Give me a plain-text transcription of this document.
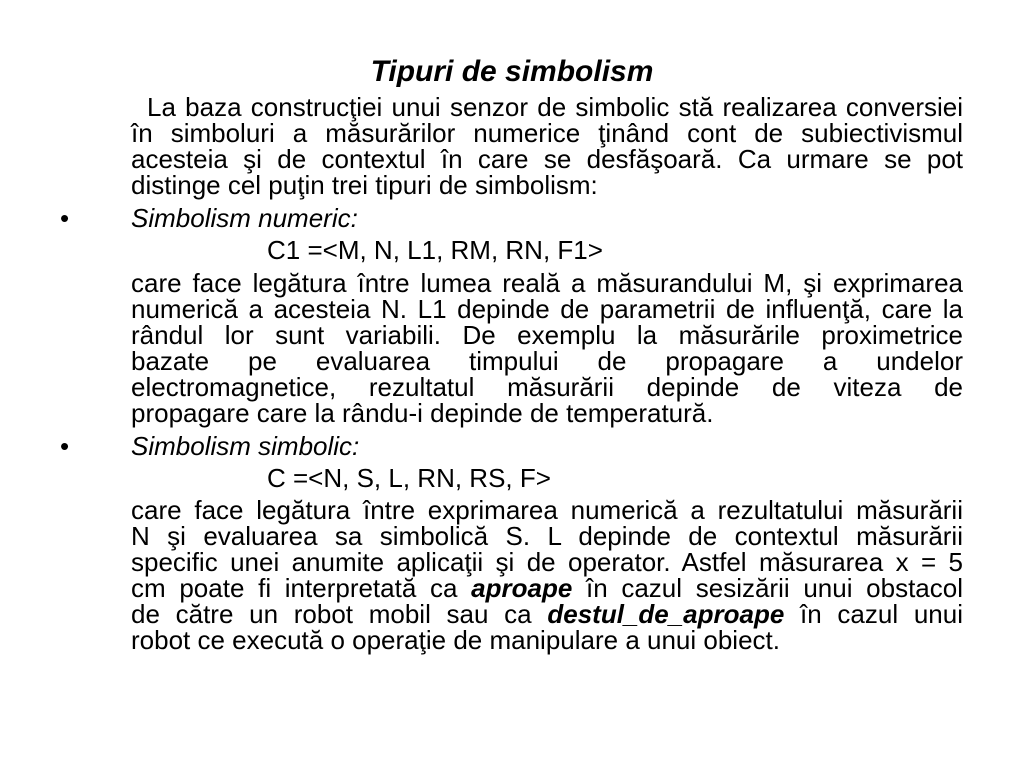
Tipuri de simbolism
La baza construcţiei unui senzor de simbolic stă realizarea conversiei
în simboluri a măsurărilor numerice ţinând cont de subiectivismul
acesteia şi de contextul în care se desfăşoară. Ca urmare se pot
distinge cel puţin trei tipuri de simbolism:
• Simbolism numeric:
C1 =<M, N, L1, RM, RN, F1>
care face legătura între lumea reală a măsurandului M, şi exprimarea
numerică a acesteia N. L1 depinde de parametrii de influenţă, care la
rândul lor sunt variabili. De exemplu la măsurările proximetrice
bazate pe evaluarea timpului de propagare a undelor
electromagnetice, rezultatul măsurării depinde de viteza de
propagare care la rându-i depinde de temperatură.
• Simbolism simbolic:
C =<N, S, L, RN, RS, F>
care face legătura între exprimarea numerică a rezultatului măsurării
N şi evaluarea sa simbolică S. L depinde de contextul măsurării
specific unei anumite aplicaţii şi de operator. Astfel măsurarea x = 5
cm poate fi interpretată ca aproape în cazul sesizării unui obstacol
de către un robot mobil sau ca destul_de_aproape în cazul unui
robot ce execută o operaţie de manipulare a unui obiect.
